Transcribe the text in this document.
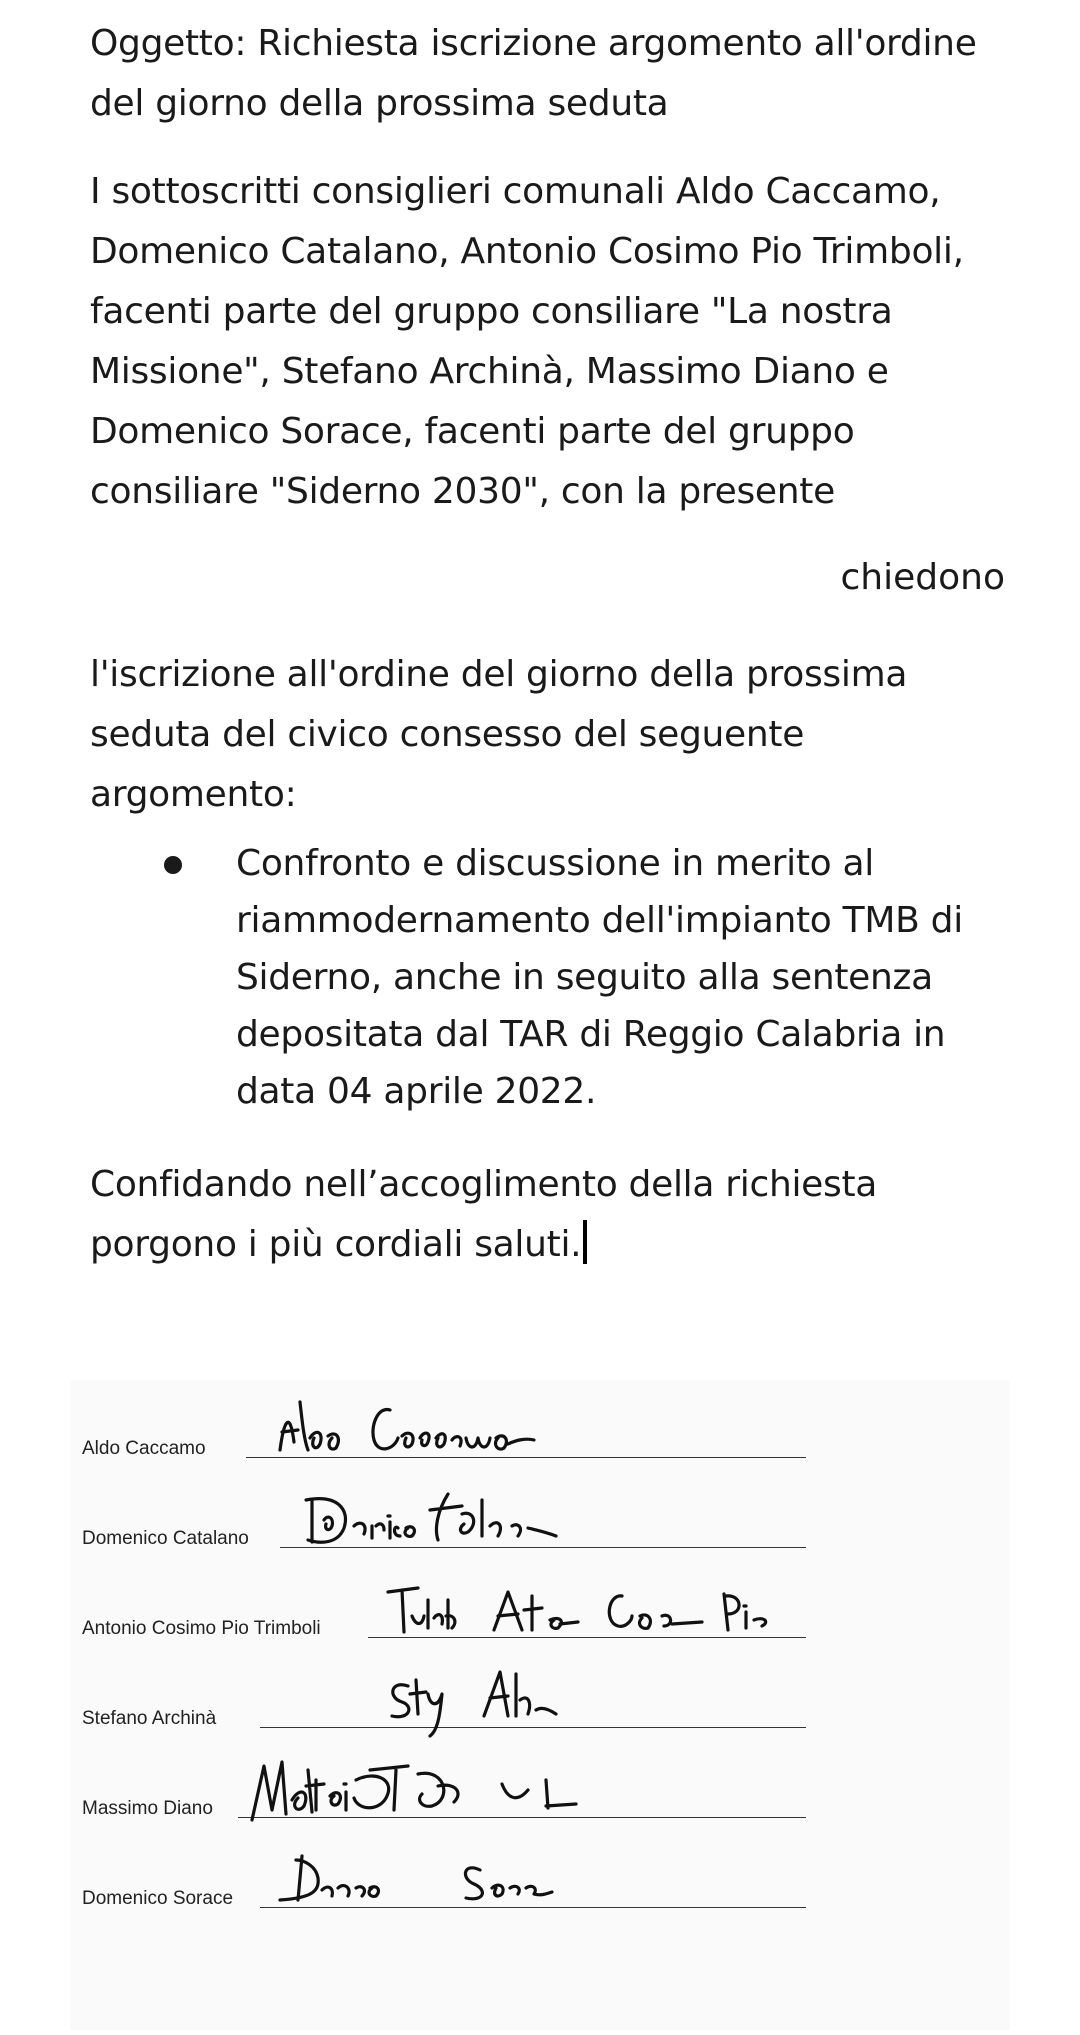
Oggetto: Richiesta iscrizione argomento all'ordine del giorno della prossima seduta
I sottoscritti consiglieri comunali Aldo Caccamo, Domenico Catalano, Antonio Cosimo Pio Trimboli, facenti parte del gruppo consiliare "La nostra Missione", Stefano Archinà, Massimo Diano e Domenico Sorace, facenti parte del gruppo consiliare "Siderno 2030", con la presente
chiedono
l'iscrizione all'ordine del giorno della prossima seduta del civico consesso del seguente argomento:
Confronto e discussione in merito al riammodernamento dell'impianto TMB di Siderno, anche in seguito alla sentenza depositata dal TAR di Reggio Calabria in data 04 aprile 2022.
Confidando nell’accoglimento della richiesta porgono i più cordiali saluti.
Aldo Caccamo
Domenico Catalano
Antonio Cosimo Pio Trimboli
Stefano Archinà
Massimo Diano
Domenico Sorace
